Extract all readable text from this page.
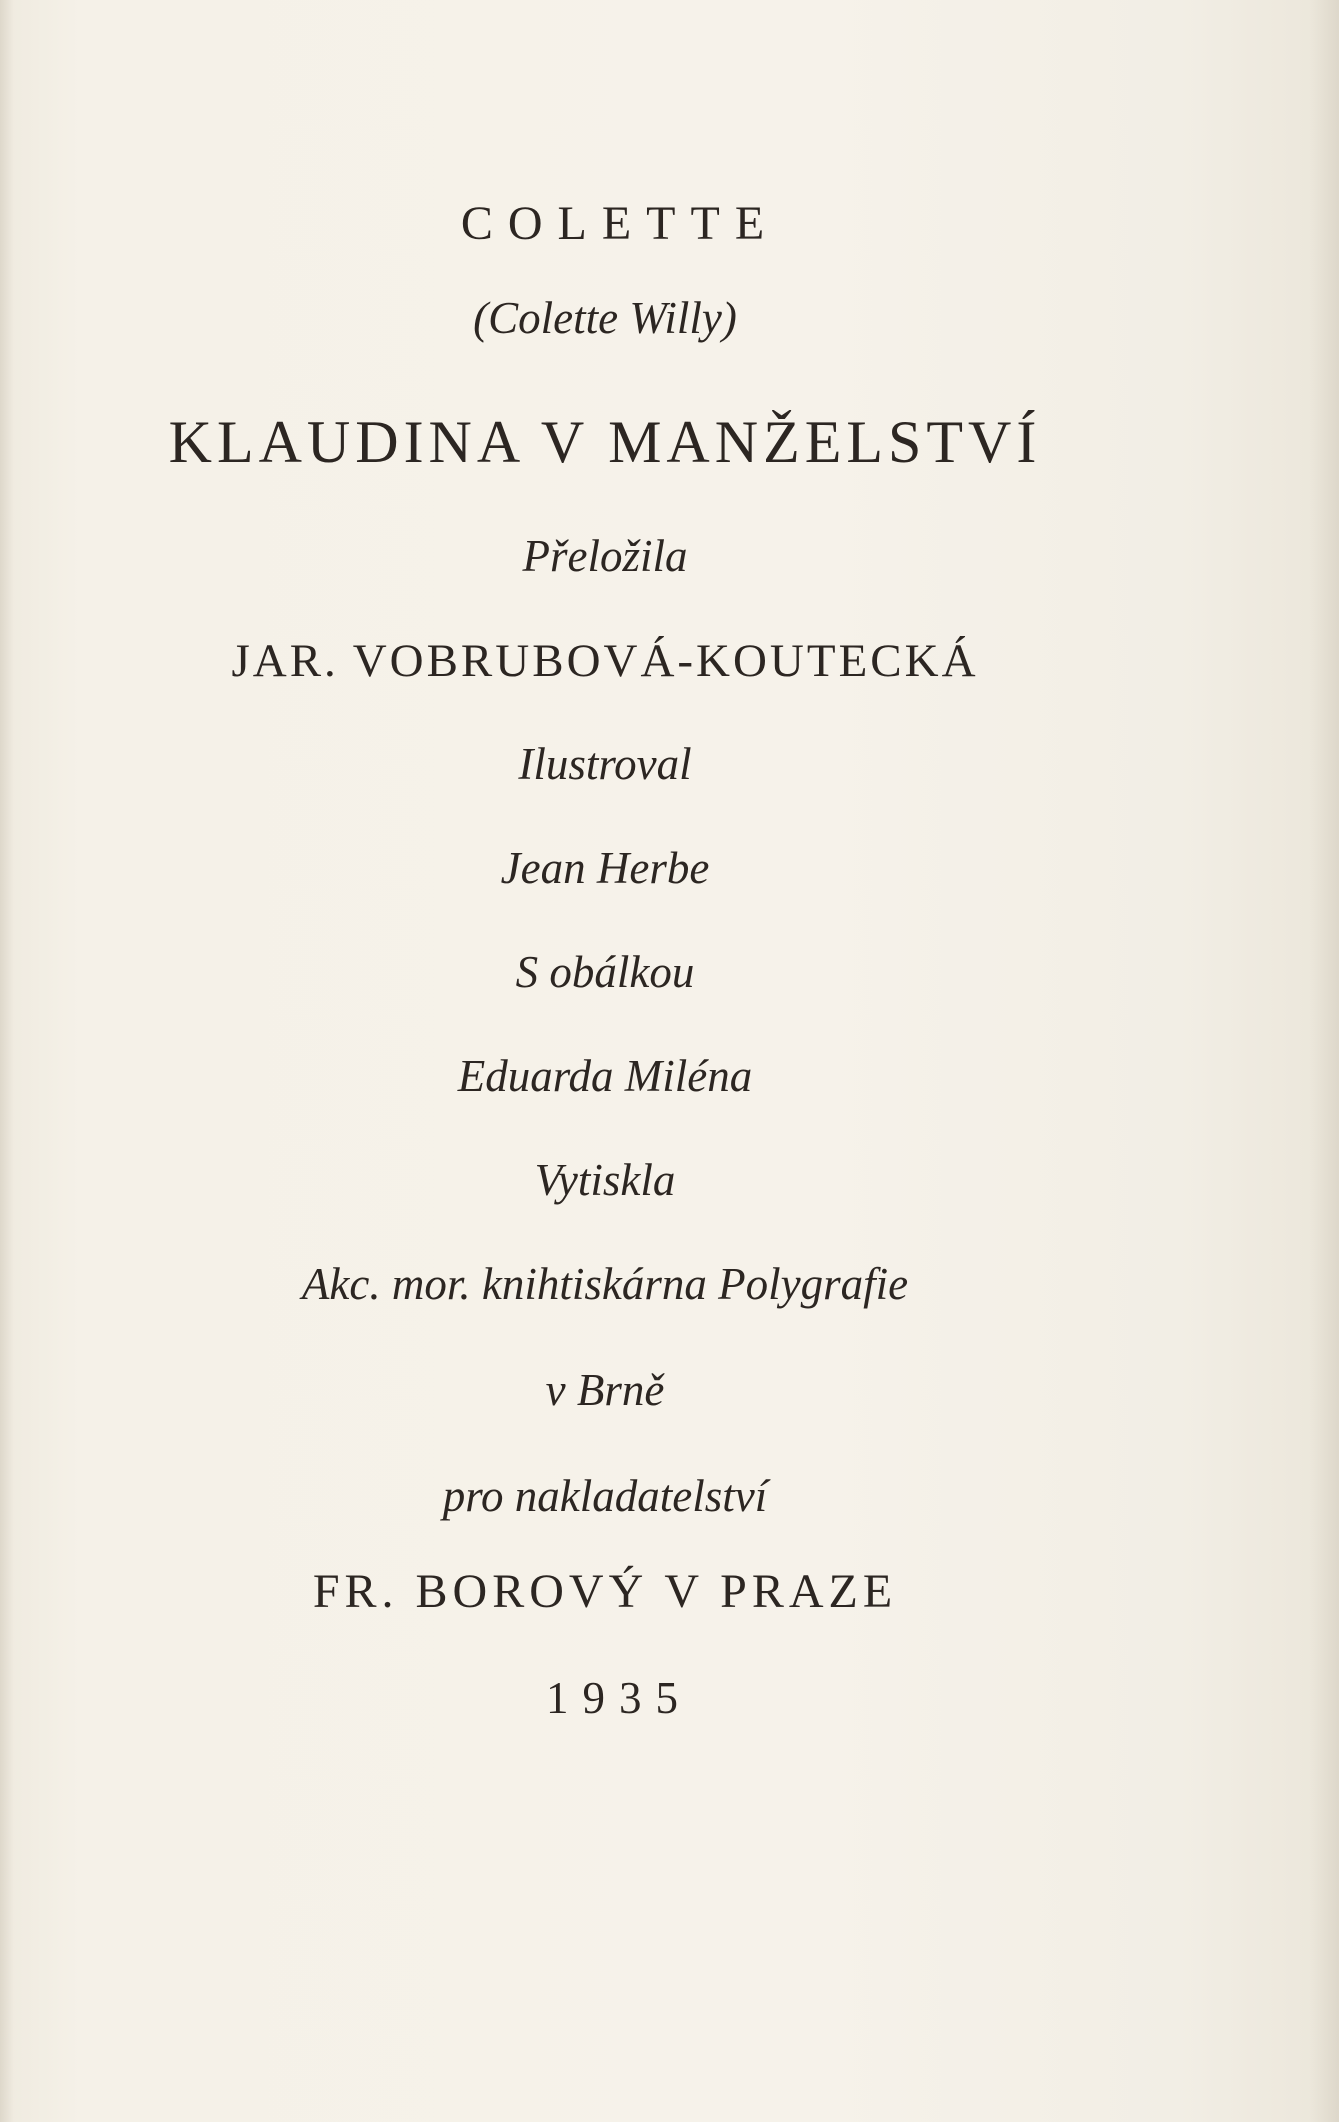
COLETTE
(Colette Willy)
KLAUDINA V MANŽELSTVÍ
Přeložila
JAR. VOBRUBOVÁ-KOUTECKÁ
Ilustroval
Jean Herbe
S obálkou
Eduarda Miléna
Vytiskla
Akc. mor. knihtiskárna Polygrafie
v Brně
pro nakladatelství
FR. BOROVÝ V PRAZE
1935
